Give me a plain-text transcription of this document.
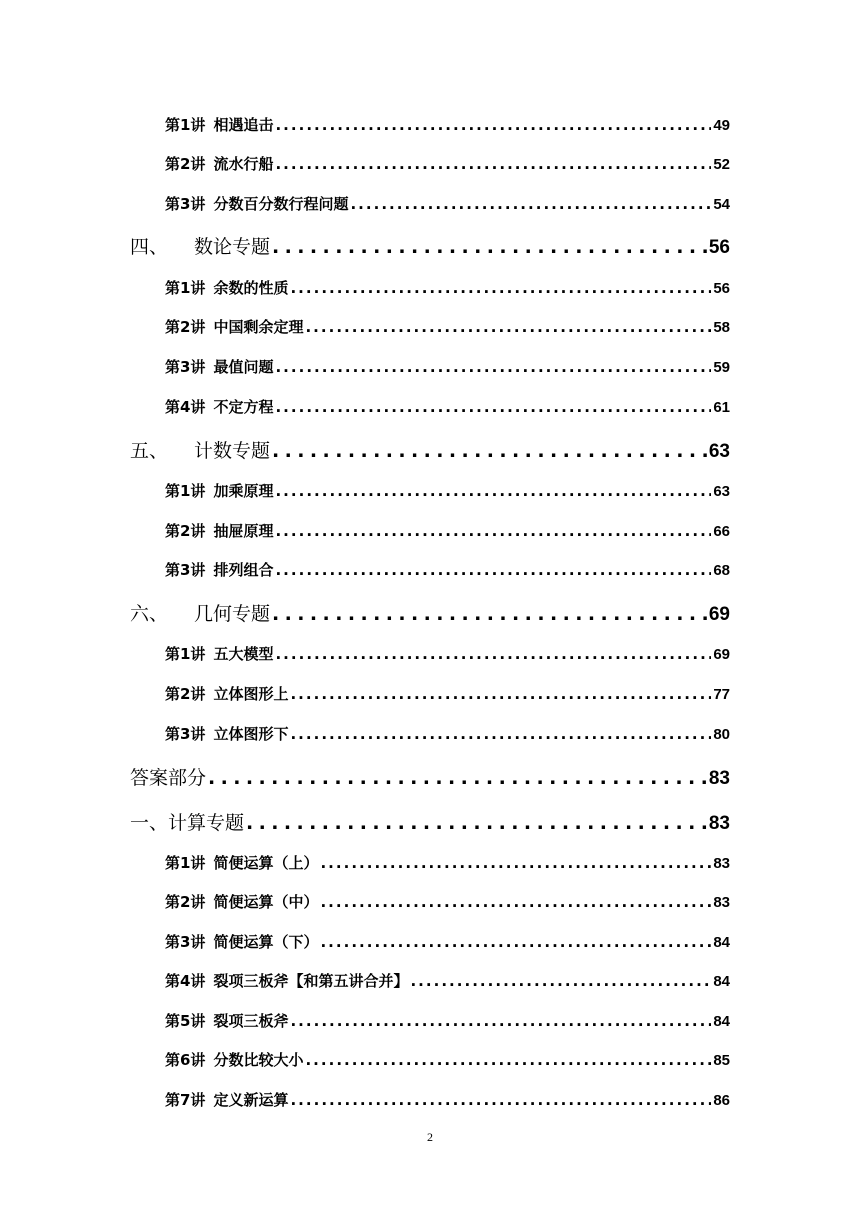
第1讲 相遇追击 . . .	49
第2讲 流水行船 . . .	52
第3讲 分数百分数行程问题 . . .	54
四、 数论专题 . . .	56
第1讲 余数的性质 . . .	56
第2讲 中国剩余定理 . . .	58
第3讲 最值问题 . . .	59
第4讲 不定方程 . . .	61
五、 计数专题 . . .	63
第1讲 加乘原理 . . .	63
第2讲 抽屉原理 . . .	66
第3讲 排列组合 . . .	68
六、 几何专题 . . .	69
第1讲 五大模型 . . .	69
第2讲 立体图形上 . . .	77
第3讲 立体图形下 . . .	80
答案部分 . . .	83
一、计算专题 . . .	83
第1讲 简便运算（上） . . .	83
第2讲 简便运算（中） . . .	83
第3讲 简便运算（下） . . .	84
第4讲 裂项三板斧【和第五讲合并】 . . .	84
第5讲 裂项三板斧 . . .	84
第6讲 分数比较大小 . . .	85
第7讲 定义新运算 . . .	86
2
